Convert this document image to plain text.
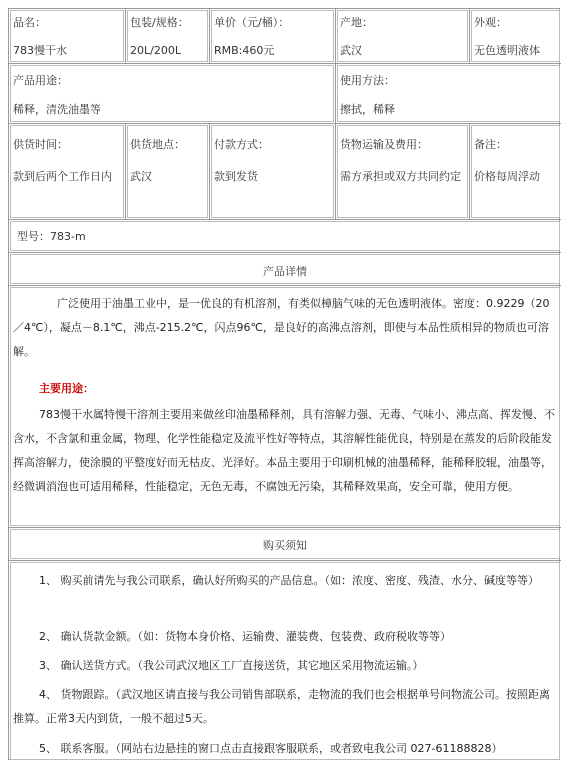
品名：
783慢干水
包装/规格：
20L/200L
单价（元/桶）：
RMB:460元
产地：
武汉
外观：
无色透明液体
产品用途：
稀释，清洗油墨等
使用方法：
擦拭，稀释
供货时间：
款到后两个工作日内
供货地点：
武汉
付款方式：
款到发货
货物运输及费用：
需方承担或双方共同约定
备注：
价格每周浮动
型号：783-m
产品详情

广泛使用于油墨工业中，是一优良的有机溶剂，有类似樟脑气味的无色透明液体。密度：0.9229（20／4℃），凝点－8.1℃，沸点-215.2℃，闪点96℃，是良好的高沸点溶剂，即使与本品性质相异的物质也可溶解。

主要用途：

783慢干水属特慢干溶剂主要用来做丝印油墨稀释剂，具有溶解力强、无毒、气味小、沸点高、挥发慢、不含水，不含氯和重金属，物理、化学性能稳定及流平性好等特点，其溶解性能优良，特别是在蒸发的后阶段能发挥高溶解力，使涂膜的平整度好而无枯皮、光泽好。本品主要用于印刷机械的油墨稀释，能稀释胶辊，油墨等，经微调消泡也可适用稀释，性能稳定，无色无毒，不腐蚀无污染，其稀释效果高，安全可靠，使用方便。

购买须知

1、 购买前请先与我公司联系，确认好所购买的产品信息。（如：浓度、密度、残渣、水分、碱度等等）

2、 确认货款金额。（如：货物本身价格、运输费、灌装费、包装费、政府税收等等）

3、 确认送货方式。（我公司武汉地区工厂直接送货，其它地区采用物流运输。）

4、 货物跟踪。（武汉地区请直接与我公司销售部联系，走物流的我们也会根据单号问物流公司。按照距离推算。正常3天内到货，一般不超过5天。

5、 联系客服。（网站右边悬挂的窗口点击直接跟客服联系，或者致电我公司 027-61188828）
